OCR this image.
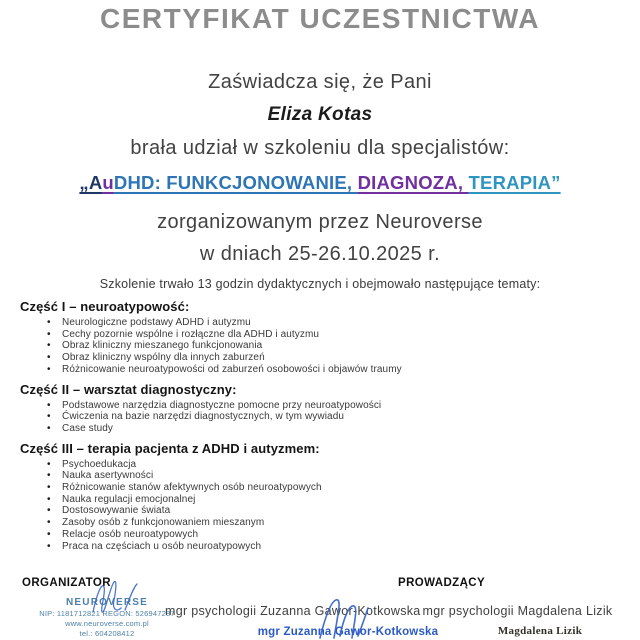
CERTYFIKAT UCZESTNICTWA
Zaświadcza się, że Pani
Eliza Kotas
brała udział w szkoleniu dla specjalistów:
„AuDHD: FUNKCJONOWANIE, DIAGNOZA, TERAPIA”
zorganizowanym przez Neuroverse
w dniach 25-26.10.2025 r.
Szkolenie trwało 13 godzin dydaktycznych i obejmowało następujące tematy:
Część I – neuroatypowość:
• Neurologiczne podstawy ADHD i autyzmu
• Cechy pozornie wspólne i rozłączne dla ADHD i autyzmu
• Obraz kliniczny mieszanego funkcjonowania
• Obraz kliniczny wspólny dla innych zaburzeń
• Różnicowanie neuroatypowości od zaburzeń osobowości i objawów traumy
Część II – warsztat diagnostyczny:
• Podstawowe narzędzia diagnostyczne pomocne przy neuroatypowości
• Ćwiczenia na bazie narzędzi diagnostycznych, w tym wywiadu
• Case study
Część III – terapia pacjenta z ADHD i autyzmem:
• Psychoedukacja
• Nauka asertywności
• Różnicowanie stanów afektywnych osób neuroatypowych
• Nauka regulacji emocjonalnej
• Dostosowywanie świata
• Zasoby osób z funkcjonowaniem mieszanym
• Relacje osób neuroatypowych
• Praca na częściach u osób neuroatypowych
ORGANIZATOR	PROWADZĄCY
NEUROVERSE
NIP: 1181712821 REGON: 526947287
www.neuroverse.com.pl
tel.: 604208412
mgr psychologii Zuzanna Gawor-Kotkowska mgr psychologii Magdalena Lizik
mgr Zuzanna Gawor-Kotkowska	Magdalena Lizik
